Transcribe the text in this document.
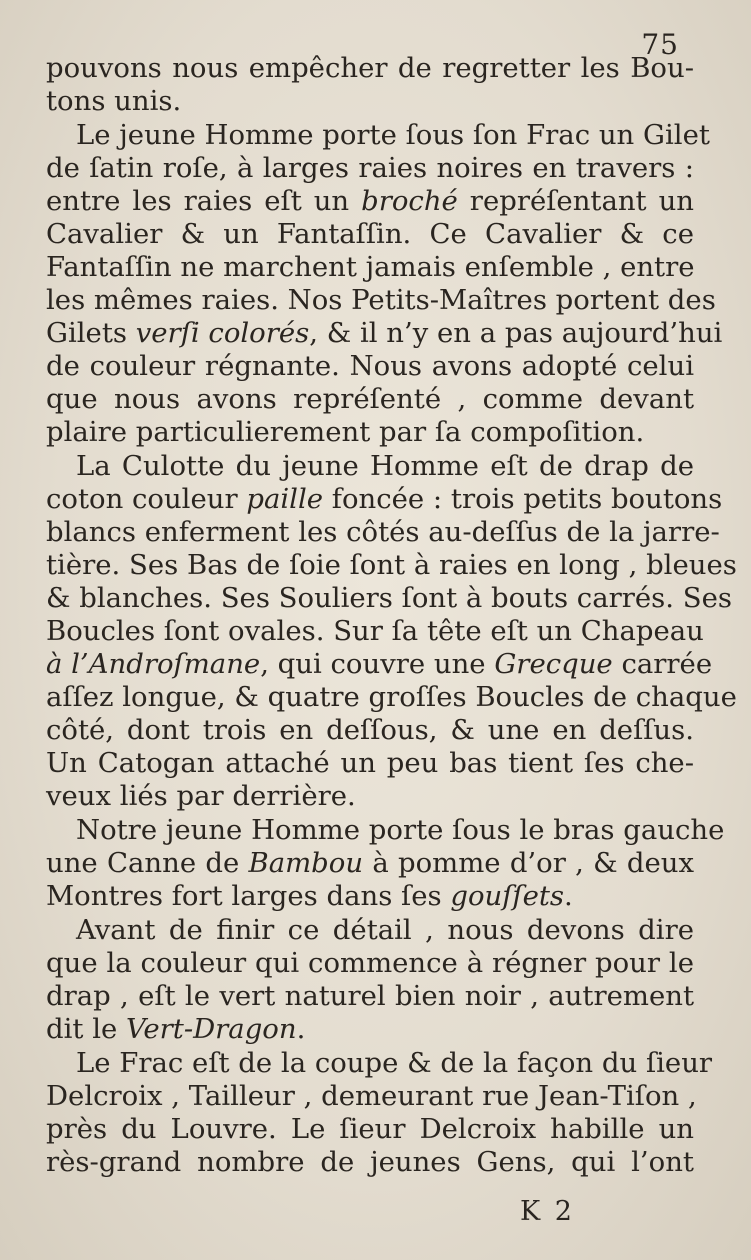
75
pouvons nous empêcher de regretter les Bou-
tons unis.
Le jeune Homme porte ſous ſon Frac un Gilet
de ſatin roſe, à larges raies noires en travers :
entre les raies eſt un broché repréſentant un
Cavalier & un Fantaſſin. Ce Cavalier & ce
Fantaſſin ne marchent jamais enſemble , entre
les mêmes raies. Nos Petits-Maîtres portent des
Gilets verſi colorés, & il n’y en a pas aujourd’hui
de couleur régnante. Nous avons adopté celui
que nous avons repréſenté , comme devant
plaire particulierement par ſa compoſition.
La Culotte du jeune Homme eſt de drap de
coton couleur paille foncée : trois petits boutons
blancs enferment les côtés au-deſſus de la jarre-
tière. Ses Bas de ſoie ſont à raies en long , bleues
& blanches. Ses Souliers ſont à bouts carrés. Ses
Boucles ſont ovales. Sur ſa tête eſt un Chapeau
à l’Androſmane, qui couvre une Grecque carrée
aſſez longue, & quatre groſſes Boucles de chaque
côté, dont trois en deſſous, & une en deſſus.
Un Catogan attaché un peu bas tient ſes che-
veux liés par derrière.
Notre jeune Homme porte ſous le bras gauche
une Canne de Bambou à pomme d’or , & deux
Montres fort larges dans ſes gouſſets.
Avant de finir ce détail , nous devons dire
que la couleur qui commence à régner pour le
drap , eſt le vert naturel bien noir , autrement
dit le Vert-Dragon.
Le Frac eſt de la coupe & de la façon du ſieur
Delcroix , Tailleur , demeurant rue Jean-Tiſon ,
près du Louvre. Le ſieur Delcroix habille un
rès-grand nombre de jeunes Gens, qui l’ont
K 2
